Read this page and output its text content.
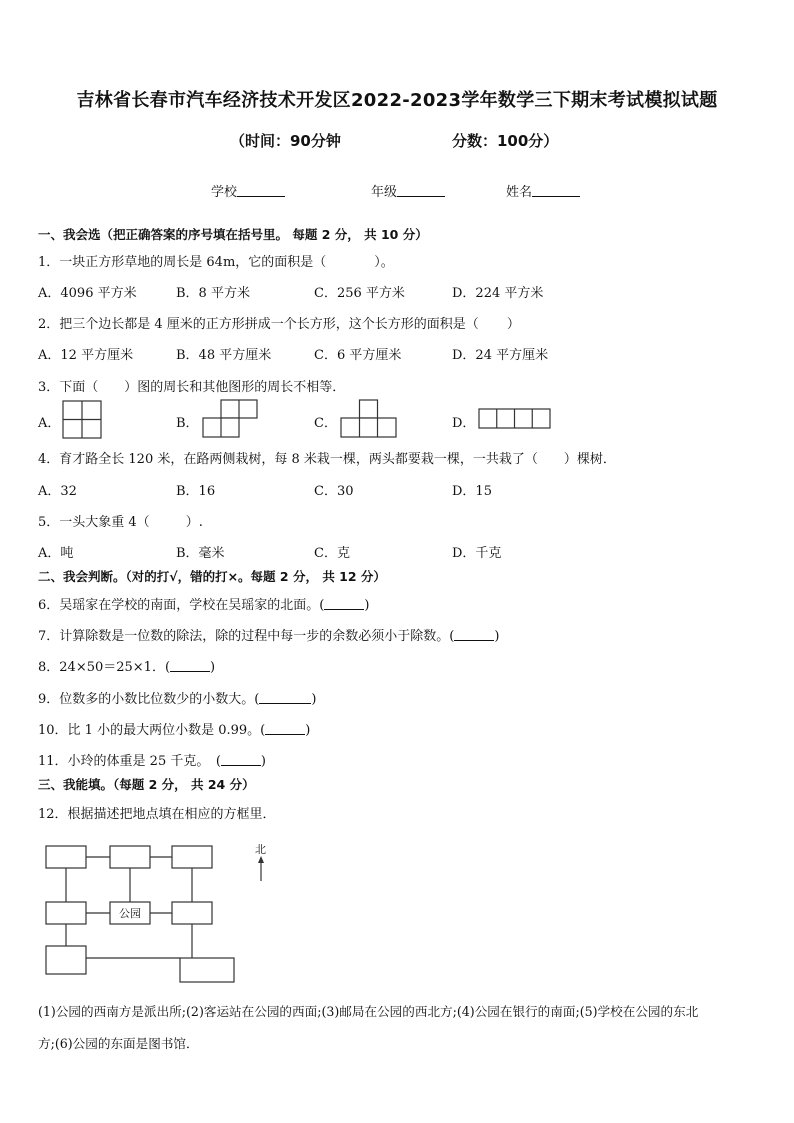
吉林省长春市汽车经济技术开发区2022-2023学年数学三下期末考试模拟试题
（时间：90分钟	分数：100分）
学校	年级	姓名
一、我会选（把正确答案的序号填在括号里。 每题 2 分， 共 10 分）
1．一块正方形草地的周长是 64m，它的面积是（	）。
A．4096 平方米	B．8 平方米	C．256 平方米	D．224 平方米
2．把三个边长都是 4 厘米的正方形拼成一个长方形，这个长方形的面积是（ ）
A．12 平方厘米	B．48 平方厘米	C．6 平方厘米	D．24 平方厘米
3．下面（ ）图的周长和其他图形的周长不相等．
A．	B．	C．	D．
4．育才路全长 120 米，在路两侧栽树，每 8 米栽一棵，两头都要栽一棵，一共栽了（ ）棵树．
A．32	B．16	C．30	D．15
5．一头大象重 4（	）.
A．吨	B．毫米	C．克	D．千克
二、我会判断。（对的打√，错的打×。每题 2 分， 共 12 分）
6．吴瑶家在学校的南面，学校在吴瑶家的北面。(	)
7．计算除数是一位数的除法，除的过程中每一步的余数必须小于除数。(	)
8．24×50＝25×1．(	)
9．位数多的小数比位数少的小数大。(	)
10．比 1 小的最大两位小数是 0.99。(	)
11．小玲的体重是 25 千克。　(	)
三、我能填。（每题 2 分， 共 24 分）
12．根据描述把地点填在相应的方框里．
公园
北
(1)公园的西南方是派出所;(2)客运站在公园的西面;(3)邮局在公园的西北方;(4)公园在银行的南面;(5)学校在公园的东北
方;(6)公园的东面是图书馆．
